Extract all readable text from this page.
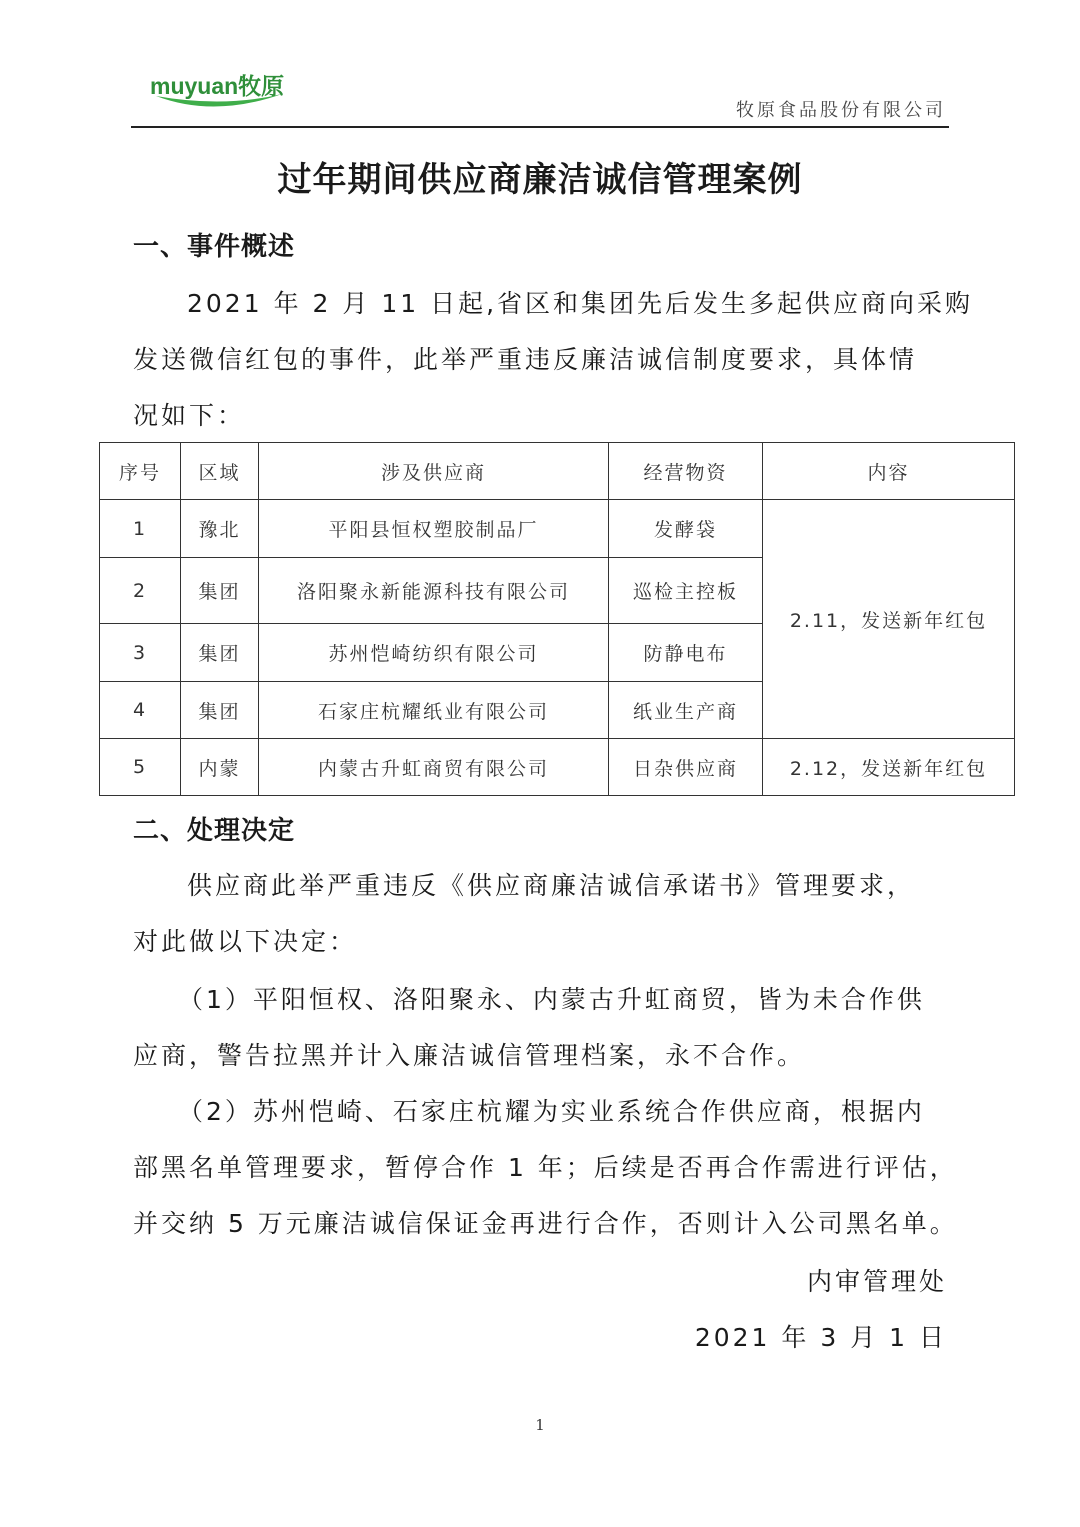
muyuan牧原
牧原食品股份有限公司
过年期间供应商廉洁诚信管理案例
一、事件概述
2021 年 2 月 11 日起,省区和集团先后发生多起供应商向采购
发送微信红包的事件，此举严重违反廉洁诚信制度要求，具体情
况如下：
序号	区域	涉及供应商	经营物资	内容
1	豫北	平阳县恒权塑胶制品厂	发酵袋	2.11，发送新年红包
2	集团	洛阳聚永新能源科技有限公司	巡检主控板	
3	集团	苏州恺崎纺织有限公司	防静电布	
4	集团	石家庄杭耀纸业有限公司	纸业生产商	
5	内蒙	内蒙古升虹商贸有限公司	日杂供应商	2.12，发送新年红包
二、处理决定
供应商此举严重违反《供应商廉洁诚信承诺书》管理要求，
对此做以下决定：
（1）平阳恒权、洛阳聚永、内蒙古升虹商贸，皆为未合作供
应商，警告拉黑并计入廉洁诚信管理档案，永不合作。
（2）苏州恺崎、石家庄杭耀为实业系统合作供应商，根据内
部黑名单管理要求，暂停合作 1 年；后续是否再合作需进行评估，
并交纳 5 万元廉洁诚信保证金再进行合作，否则计入公司黑名单。
内审管理处
2021 年 3 月 1 日
1
